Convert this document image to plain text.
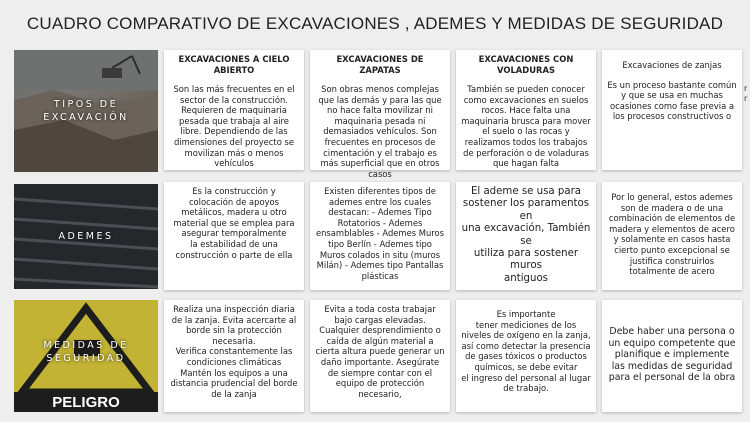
CUADRO COMPARATIVO DE EXCAVACIONES , ADEMES Y MEDIDAS DE SEGURIDAD
TIPOS DE
EXCAVACIÓN
EXCAVACIONES A CIELO ABIERTO
Son las más frecuentes en el sector de la construcción. Requieren de maquinaria pesada que trabaja al aire libre. Dependiendo de las dimensiones del proyecto se movilizan más o menos vehículos
EXCAVACIONES DE ZAPATAS
Son obras menos complejas que las demás y para las que no hace falta movilizar ni maquinaria pesada ni demasiados vehículos. Son frecuentes en procesos de cimentación y el trabajo es más superficial que en otros casos
EXCAVACIONES CON VOLADURAS
También se pueden conocer como excavaciones en suelos rocos. Hace falta una maquinaria brusca para mover el suelo o las rocas y realizamos todos los trabajos de perforación o de voladuras que hagan falta
Excavaciones de zanjas
Es un proceso bastante común y que se usa en muchas ocasiones como fase previa a los procesos constructivos o
r
r
ADEMES
Es la construcción y colocación de apoyos metálicos, madera u otro material que se emplea para asegurar temporalmente
la estabilidad de una construcción o parte de ella
Existen diferentes tipos de ademes entre los cuales destacan: - Ademes Tipo Rotatorios - Ademes ensamblables - Ademes Muros tipo Berlín - Ademes tipo Muros colados in situ (muros Milán) - Ademes tipo Pantallas plásticas
El ademe se usa para sostener los paramentos en
una excavación, También se
utiliza para sostener muros
antiguos
Por lo general, estos ademes son de madera o de una combinación de elementos de madera y elementos de acero y solamente en casos hasta cierto punto excepcional se justifica construirlos totalmente de acero
MEDIDAS DE
SEGURIDAD
PELIGRO
Realiza una inspección diaria
de la zanja. Evita acercarte al borde sin la protección necesaria.
Verifica constantemente las condiciones climáticas
Mantén los equipos a una distancia prudencial del borde de la zanja
Evita a toda costa trabajar bajo cargas elevadas. Cualquier desprendimiento o caída de algún material a cierta altura puede generar un daño importante. Asegúrate de siempre contar con el equipo de protección necesario,
Es importante
tener mediciones de los niveles de oxígeno en la zanja, así como detectar la presencia de gases tóxicos o productos químicos, se debe evitar
el ingreso del personal al lugar de trabajo.
Debe haber una persona o un equipo competente que planifique e implemente las medidas de seguridad para el personal de la obra
